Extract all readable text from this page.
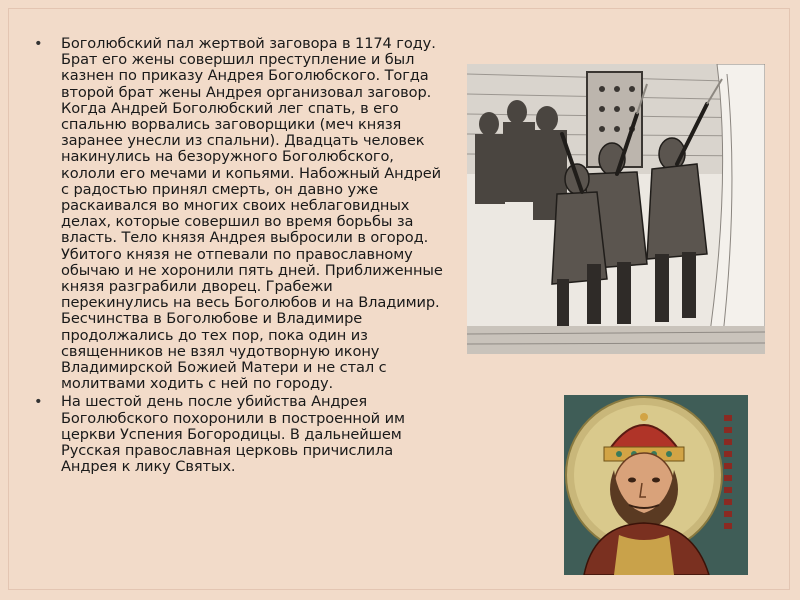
• Боголюбский пал жертвой заговора в 1174 году. Брат его жены совершил преступление и был казнен по приказу Андрея Боголюбского. Тогда второй брат жены Андрея организовал заговор. Когда Андрей Боголюбский лег спать, в его спальню ворвались заговорщики (меч князя заранее унесли из спальни). Двадцать человек накинулись на безоружного Боголюбского, кололи его мечами и копьями. Набожный Андрей с радостью принял смерть, он давно уже раскаивался во многих своих неблаговидных делах, которые совершил во время борьбы за власть. Тело князя Андрея выбросили в огород. Убитого князя не отпевали по православному обычаю и не хоронили пять дней. Приближенные князя разграбили дворец. Грабежи перекинулись на весь Боголюбов и на Владимир. Бесчинства в Боголюбове и Владимире продолжались до тех пор, пока один из священников не взял чудотворную икону Владимирской Божией Матери и не стал с молитвами ходить с ней по городу.
• На шестой день после убийства Андрея Боголюбского похоронили в построенной им церкви Успения Богородицы. В дальнейшем Русская православная церковь причислила Андрея к лику Святых.
